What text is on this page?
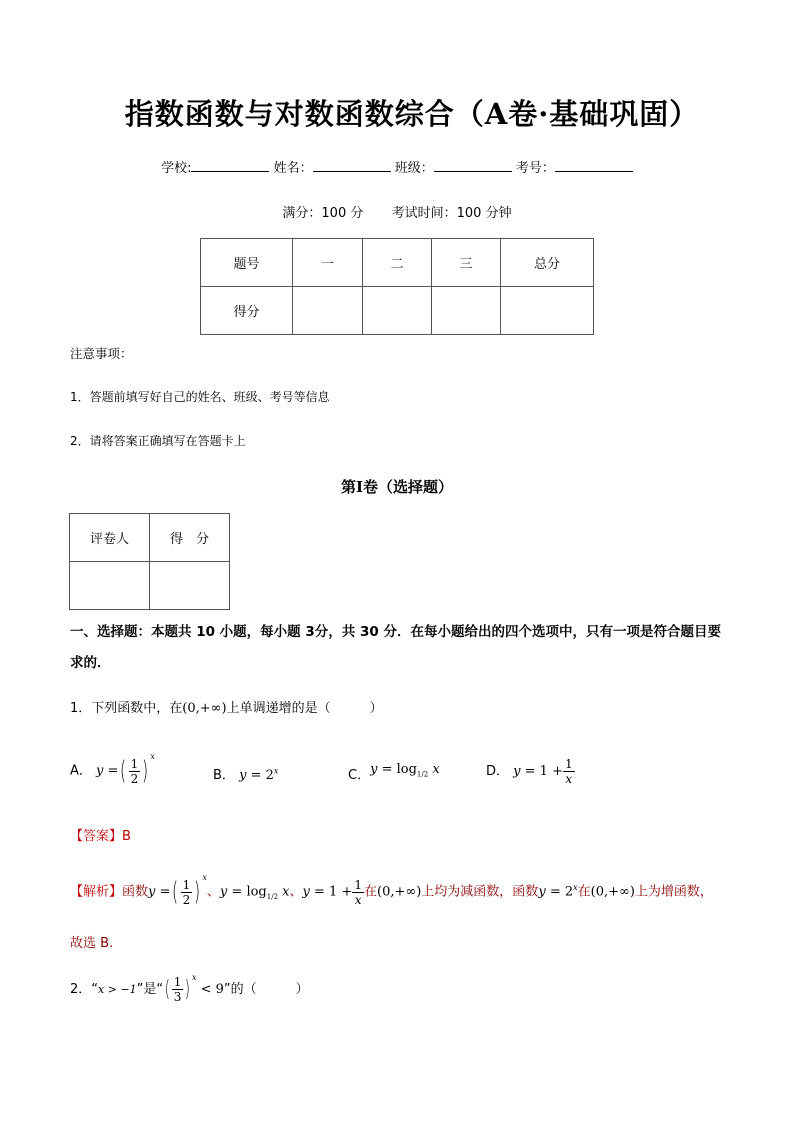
指数函数与对数函数综合（A卷·基础巩固）
学校:	姓名：	班级：	考号：
满分：100 分 考试时间：100 分钟
题号	一	二	三	总分
得分				
注意事项：
1．答题前填写好自己的姓名、班级、考号等信息
2．请将答案正确填写在答题卡上
第I卷（选择题）
评卷人	得　分

一、选择题：本题共 10 小题，每小题 3分，共 30 分．在每小题给出的四个选项中，只有一项是符合题目要求的．
1．下列函数中，在(0,+∞)上单调递增的是（　　　）
A． y =( $\frac{1}{2}$ ) $^x$
B． $y = 2^x$	C．$y = \log_{1/2} x$	D． $y = 1 + \frac{1}{x}$
【答案】B
【解析】函数y =( $\frac{1}{2}$ ) $^x$、$y = \log_{1/2} x$、$y = 1 + \frac{1}{x}$ 在(0,+∞)上均为减函数，函数$y = 2^x$在(0,+∞)上为增函数，
故选 B.
2．“x > −1”是“( $\frac{1}{3}$ ) $^x$ < 9”的（　　　）
